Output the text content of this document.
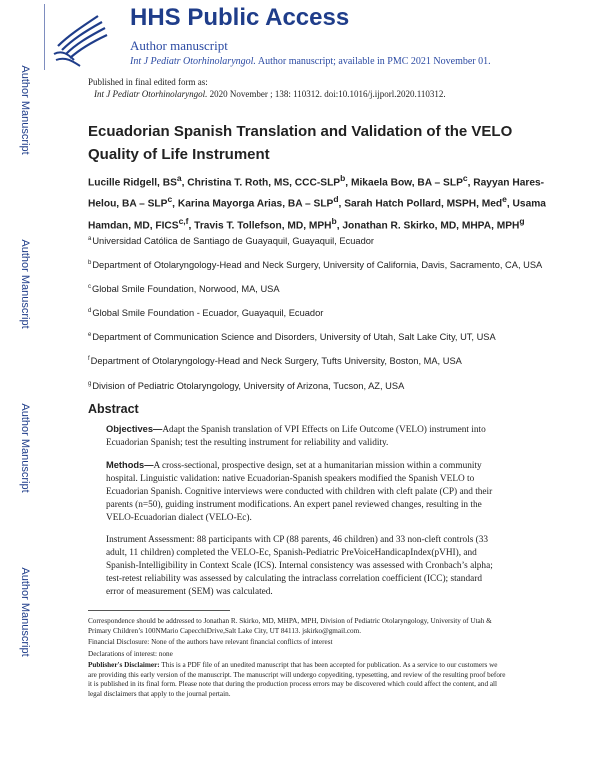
Author Manuscript
Author Manuscript
Author Manuscript
Author Manuscript
HHS Public Access
Author manuscript
Int J Pediatr Otorhinolaryngol. Author manuscript; available in PMC 2021 November 01.
Published in final edited form as:
Int J Pediatr Otorhinolaryngol. 2020 November ; 138: 110312. doi:10.1016/j.ijporl.2020.110312.
Ecuadorian Spanish Translation and Validation of the VELO Quality of Life Instrument
Lucille Ridgell, $BS^a$, Christina T. Roth, MS, CCC-SLP$^b$, Mikaela Bow, BA – SLP$^c$, Rayyan Hares-Helou, BA – SLP$^c$, Karina Mayorga Arias, BA – SLP$^d$, Sarah Hatch Pollard, MSPH, Med$^e$, Usama Hamdan, MD, FICS$^{c,f}$, Travis T. Tollefson, MD, MPH$^b$, Jonathan R. Skirko, MD, MHPA, MPH$^g$

$^a$Universidad Católica de Santiago de Guayaquil, Guayaquil, Ecuador

$^b$Department of Otolaryngology-Head and Neck Surgery, University of California, Davis, Sacramento, CA, USA

$^c$Global Smile Foundation, Norwood, MA, USA

$^d$Global Smile Foundation - Ecuador, Guayaquil, Ecuador

$^e$Department of Communication Science and Disorders, University of Utah, Salt Lake City, UT, USA

$^f$Department of Otolaryngology-Head and Neck Surgery, Tufts University, Boston, MA, USA

$^g$Division of Pediatric Otolaryngology, University of Arizona, Tucson, AZ, USA

Abstract

Objectives—Adapt the Spanish translation of VPI Effects on Life Outcome (VELO) instrument into Ecuadorian Spanish; test the resulting instrument for reliability and validity.

Methods—A cross-sectional, prospective design, set at a humanitarian mission within a community hospital. Linguistic validation: native Ecuadorian-Spanish speakers modified the Spanish VELO to Ecuadorian Spanish. Cognitive interviews were conducted with children with cleft palate (CP) and their parents (n=50), guiding instrument modifications. An expert panel reviewed changes, resulting in the VELO-Ecuadorian dialect (VELO-Ec).

Instrument Assessment: 88 participants with CP (88 parents, 46 children) and 33 non-cleft controls (33 adult, 11 children) completed the VELO-Ec, Spanish-Pediatric PreVoiceHandicapIndex(pVHI), and Spanish-Intelligibility in Context Scale (ICS). Internal consistency was assessed with Cronbach’s alpha; test-retest reliability was assessed by calculating the intraclass correlation coefficient (ICC); standard error of measurement (SEM) was calculated.

Correspondence should be addressed to Jonathan R. Skirko, MD, MHPA, MPH, Division of Pediatric Otolaryngology, University of Utah & Primary Children’s 100NMario CapecchiDrive,Salt Lake City, UT 84113. jskirko@gmail.com.

Financial Disclosure: None of the authors have relevant financial conflicts of interest

Declarations of interest: none

Publisher's Disclaimer: This is a PDF file of an unedited manuscript that has been accepted for publication. As a service to our customers we are providing this early version of the manuscript. The manuscript will undergo copyediting, typesetting, and review of the resulting proof before it is published in its final form. Please note that during the production process errors may be discovered which could affect the content, and all legal disclaimers that apply to the journal pertain.
